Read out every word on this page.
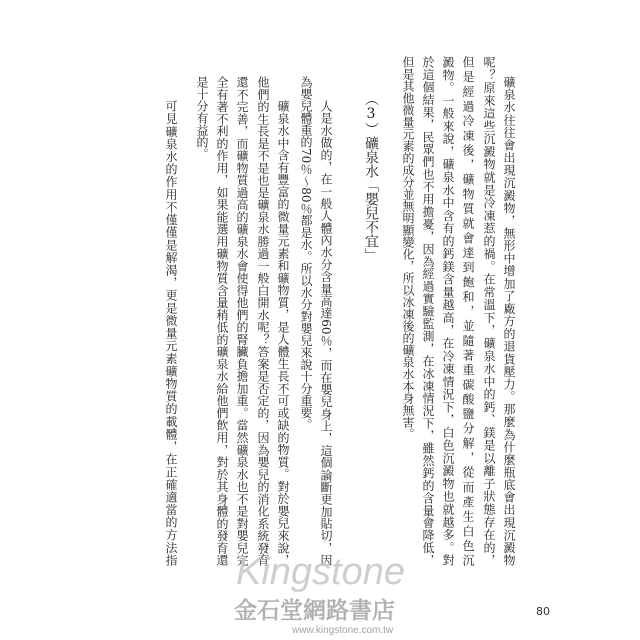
礦泉水往往會出現沉澱物，無形中增加了廠方的退貨壓力。那麼為什麼瓶底會出現沉澱物
呢？原來這些沉澱物就是冷凍惹的禍。在常溫下，礦泉水中的鈣、鎂是以離子狀態存在的，
但是經過冷凍後，礦物質就會達到飽和，並隨著重碳酸鹽分解，從而產生白色沉
澱物。一般來說，礦泉水中含有的鈣鎂含量越高，在冷凍情況下，白色沉澱物也就越多。對
於這個結果，民眾們也不用擔憂，因為經過實驗監測，在冰凍情況下，雖然鈣的含量會降低，
但是其他微量元素的成分並無明顯變化，所以冰凍後的礦泉水本身無害。
（3）礦泉水「嬰兒不宜」
人是水做的，在一般人體內水分含量高達60％，而在嬰兒身上，這個論斷更加貼切，因
為嬰兒體重的70％～80％都是水。所以水分對嬰兒來說十分重要。
礦泉水中含有豐富的微量元素和礦物質，是人體生長不可或缺的物質。對於嬰兒來說，
他們的生長是不是也是礦泉水勝過一般白開水呢？答案是否定的，因為嬰兒的消化系統發育
還不完善，而礦物質過高的礦泉水會使得他們的腎臟負擔加重。當然礦泉水也不是對嬰兒完
全有著不利的作用，如果能選用礦物質含量稍低的礦泉水給他們飲用，對於其身體的發育還
是十分有益的。
可見礦泉水的作用不僅僅是解渴，更是微量元素礦物質的載體，在正確適當的方法指
80
Kingstone
金石堂網路書店
www.kingstone.com.tw
